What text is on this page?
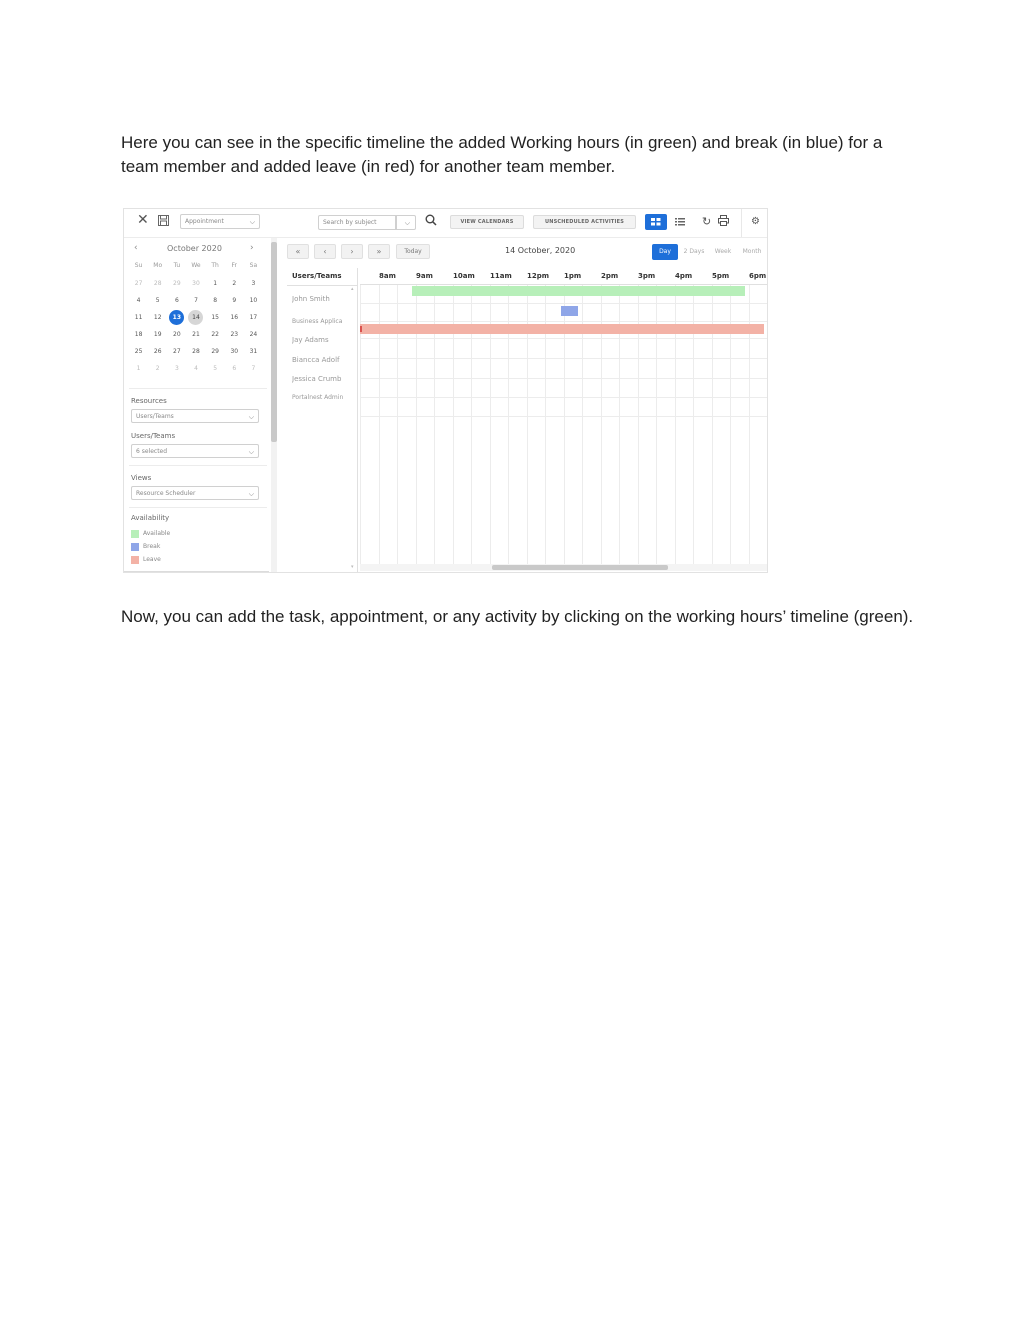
Here you can see in the specific timeline the added Working hours (in green) and break (in blue) for a team member and added leave (in red) for another team member.

✕	Appointment	⌵	Search by subject	⌵	VIEW CALENDARS	UNSCHEDULED ACTIVITIES	↻	⚙
‹	October 2020	›
Su	Mo	Tu	We	Th	Fr	Sa
27	28	29	30	1	2	3
4	5	6	7	8	9	10
11	12	13	14	15	16	17
18	19	20	21	22	23	24
25	26	27	28	29	30	31
1	2	3	4	5	6	7
Resources
Users/Teams	⌵
Users/Teams
6 selected	⌵
Views
Resource Scheduler	⌵
Availability
Available
Break
Leave
«	‹	›	»	Today	14 October, 2020	Day	2 Days	Week	Month
Users/Teams
John Smith
Business Applica
Jay Adams
Biancca Adolf
Jessica Crumb
Portalnest Admin
▴
▾
8am	9am	10am 11am 12pm 1pm	2pm	3pm	4pm	5pm	6pm

Now, you can add the task, appointment, or any activity by clicking on the working hours’ timeline (green).
